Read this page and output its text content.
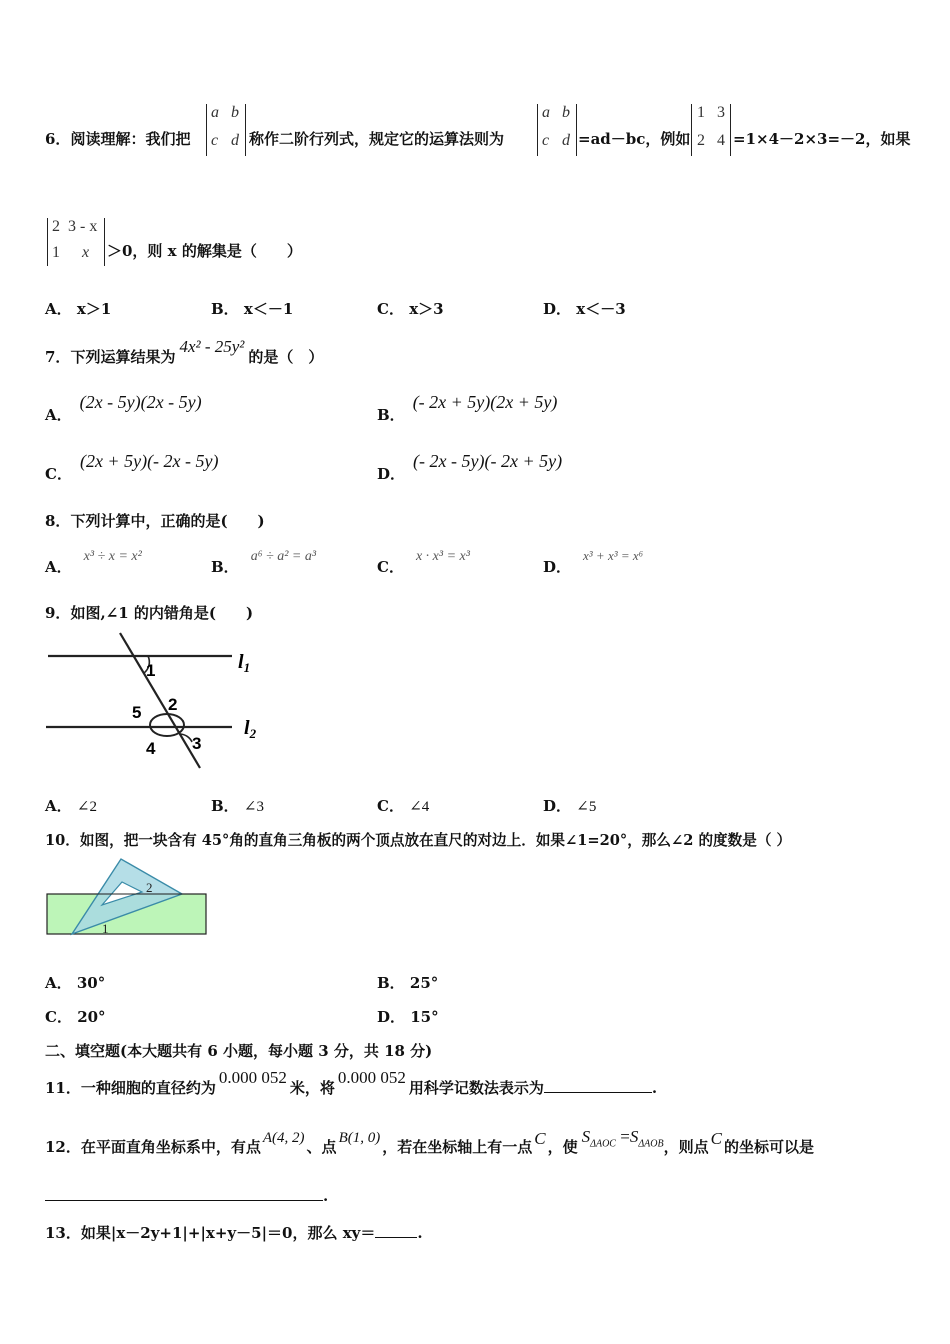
6．阅读理解：我们把
a b
c d 称作二阶行列式，规定它的运算法则为
a b
c d =ad－bc，例如
1 3
2 4 =1×4－2×3=－2，如果
2 3 - x
1 x ＞0，则 x 的解集是（　　）
A． x＞1	B． x＜－1	C． x＞3	D． x＜－3
7．下列运算结果为4x² - 25y²的是（　）
A．(2x - 5y)(2x - 5y)
B．(- 2x + 5y)(2x + 5y)
C．(2x + 5y)(- 2x - 5y)
D．(- 2x - 5y)(- 2x + 5y)
8．下列计算中，正确的是(　　)
A．x³ ÷ x = x²
B．a⁶ ÷ a² = a³
C．x · x³ = x³
D．x³ + x³ = x⁶
9．如图,∠1 的内错角是(　　)
1
2
5
4 3
$l_1$
$l_2$
A． ∠2	B． ∠3	C． ∠4	D． ∠5
10．如图，把一块含有 45°角的直角三角板的两个顶点放在直尺的对边上．如果∠1=20°，那么∠2 的度数是（ ）
2
1
A． 30°	B． 25°
C． 20°	D． 15°
二、填空题(本大题共有 6 小题，每小题 3 分，共 18 分)
11．一种细胞的直径约为0.000 052米，将0.000 052用科学记数法表示为	.
12．在平面直角坐标系中，有点 A(4, 2) 、点 B(1, 0) ，若在坐标轴上有一点 C ，使$S_{\Delta AOC} =S_{\Delta AOB}$，则点 C 的坐标可以是
.
13．如果|x－2y+1|+|x+y－5|＝0，那么 xy＝	.
